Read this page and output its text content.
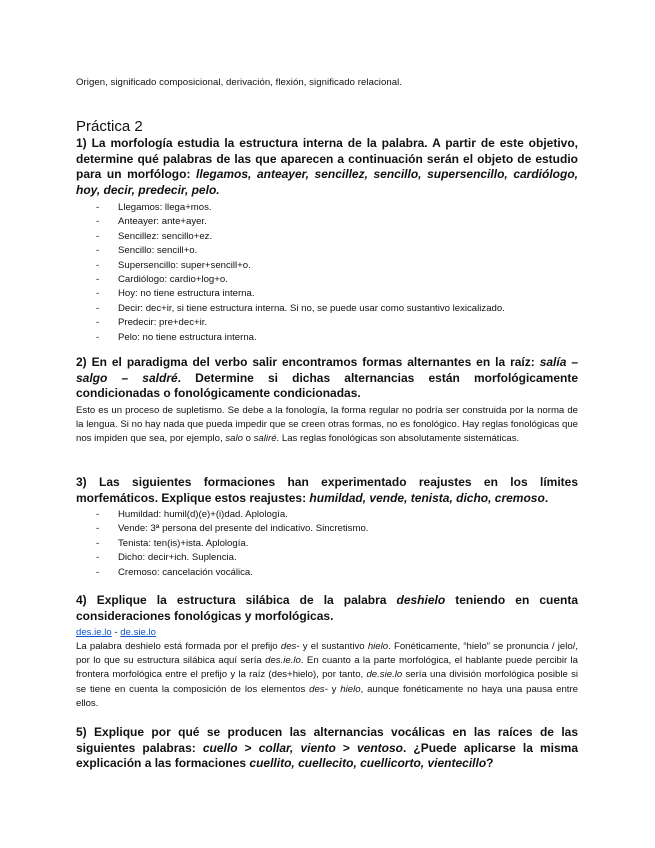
Origen, significado composicional, derivación, flexión, significado relacional.
Práctica 2

1) La morfología estudia la estructura interna de la palabra. A partir de este objetivo, determine qué palabras de las que aparecen a continuación serán el objeto de estudio para un morfólogo: llegamos, anteayer, sencillez, sencillo, supersencillo, cardiólogo, hoy, decir, predecir, pelo.

- Llegamos: llega+mos.
- Anteayer: ante+ayer.
- Sencillez: sencillo+ez.
- Sencillo: sencill+o.
- Supersencillo: super+sencill+o.
- Cardiólogo: cardio+log+o.
- Hoy: no tiene estructura interna.
- Decir: dec+ir, si tiene estructura interna. Si no, se puede usar como sustantivo lexicalizado.
- Predecir: pre+dec+ir.
- Pelo: no tiene estructura interna.

2) En el paradigma del verbo salir encontramos formas alternantes en la raíz: salía – salgo – saldré. Determine si dichas alternancias están morfológicamente condicionadas o fonológicamente condicionadas.

Esto es un proceso de supletismo. Se debe a la fonología, la forma regular no podría ser construida por la norma de la lengua. Si no hay nada que pueda impedir que se creen otras formas, no es fonológico. Hay reglas fonológicas que nos impiden que sea, por ejemplo, salo o saliré. Las reglas fonológicas son absolutamente sistemáticas.

3) Las siguientes formaciones han experimentado reajustes en los límites morfemáticos. Explique estos reajustes: humildad, vende, tenista, dicho, cremoso.

- Humildad: humil(d)(e)+(i)dad. Aplología.
- Vende: 3ª persona del presente del indicativo. Sincretismo.
- Tenista: ten(is)+ista. Aplología.
- Dicho: decir+ich. Suplencia.
- Cremoso: cancelación vocálica.

4) Explique la estructura silábica de la palabra deshielo teniendo en cuenta consideraciones fonológicas y morfológicas.

des.ie.lo - de.sie.lo

La palabra deshielo está formada por el prefijo des- y el sustantivo hielo. Fonéticamente, “hielo” se pronuncia / jelo/, por lo que su estructura silábica aquí sería des.ie.lo. En cuanto a la parte morfológica, el hablante puede percibir la frontera morfológica entre el prefijo y la raíz (des+hielo), por tanto, de.sie.lo sería una división morfológica posible si se tiene en cuenta la composición de los elementos des- y hielo, aunque fonéticamente no haya una pausa entre ellos.

5) Explique por qué se producen las alternancias vocálicas en las raíces de las siguientes palabras: cuello > collar, viento > ventoso. ¿Puede aplicarse la misma explicación a las formaciones cuellito, cuellecito, cuellicorto, vientecillo?
